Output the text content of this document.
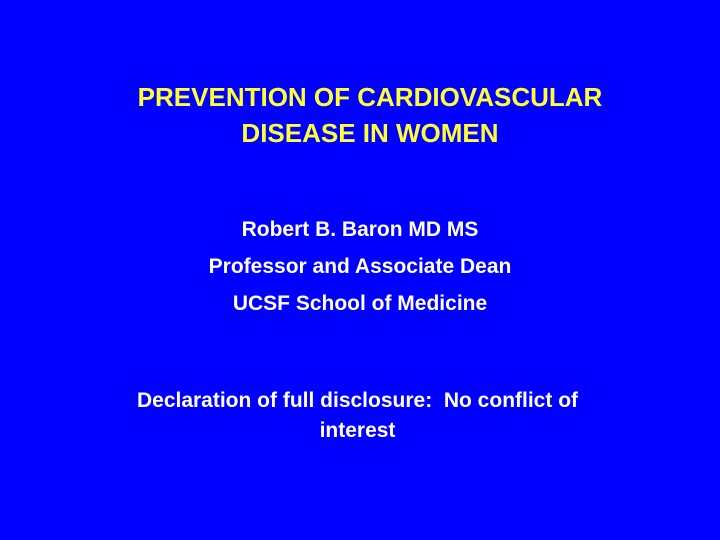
PREVENTION OF CARDIOVASCULAR
DISEASE IN WOMEN
Robert B. Baron MD MS
Professor and Associate Dean
UCSF School of Medicine
Declaration of full disclosure:  No conflict of
interest
